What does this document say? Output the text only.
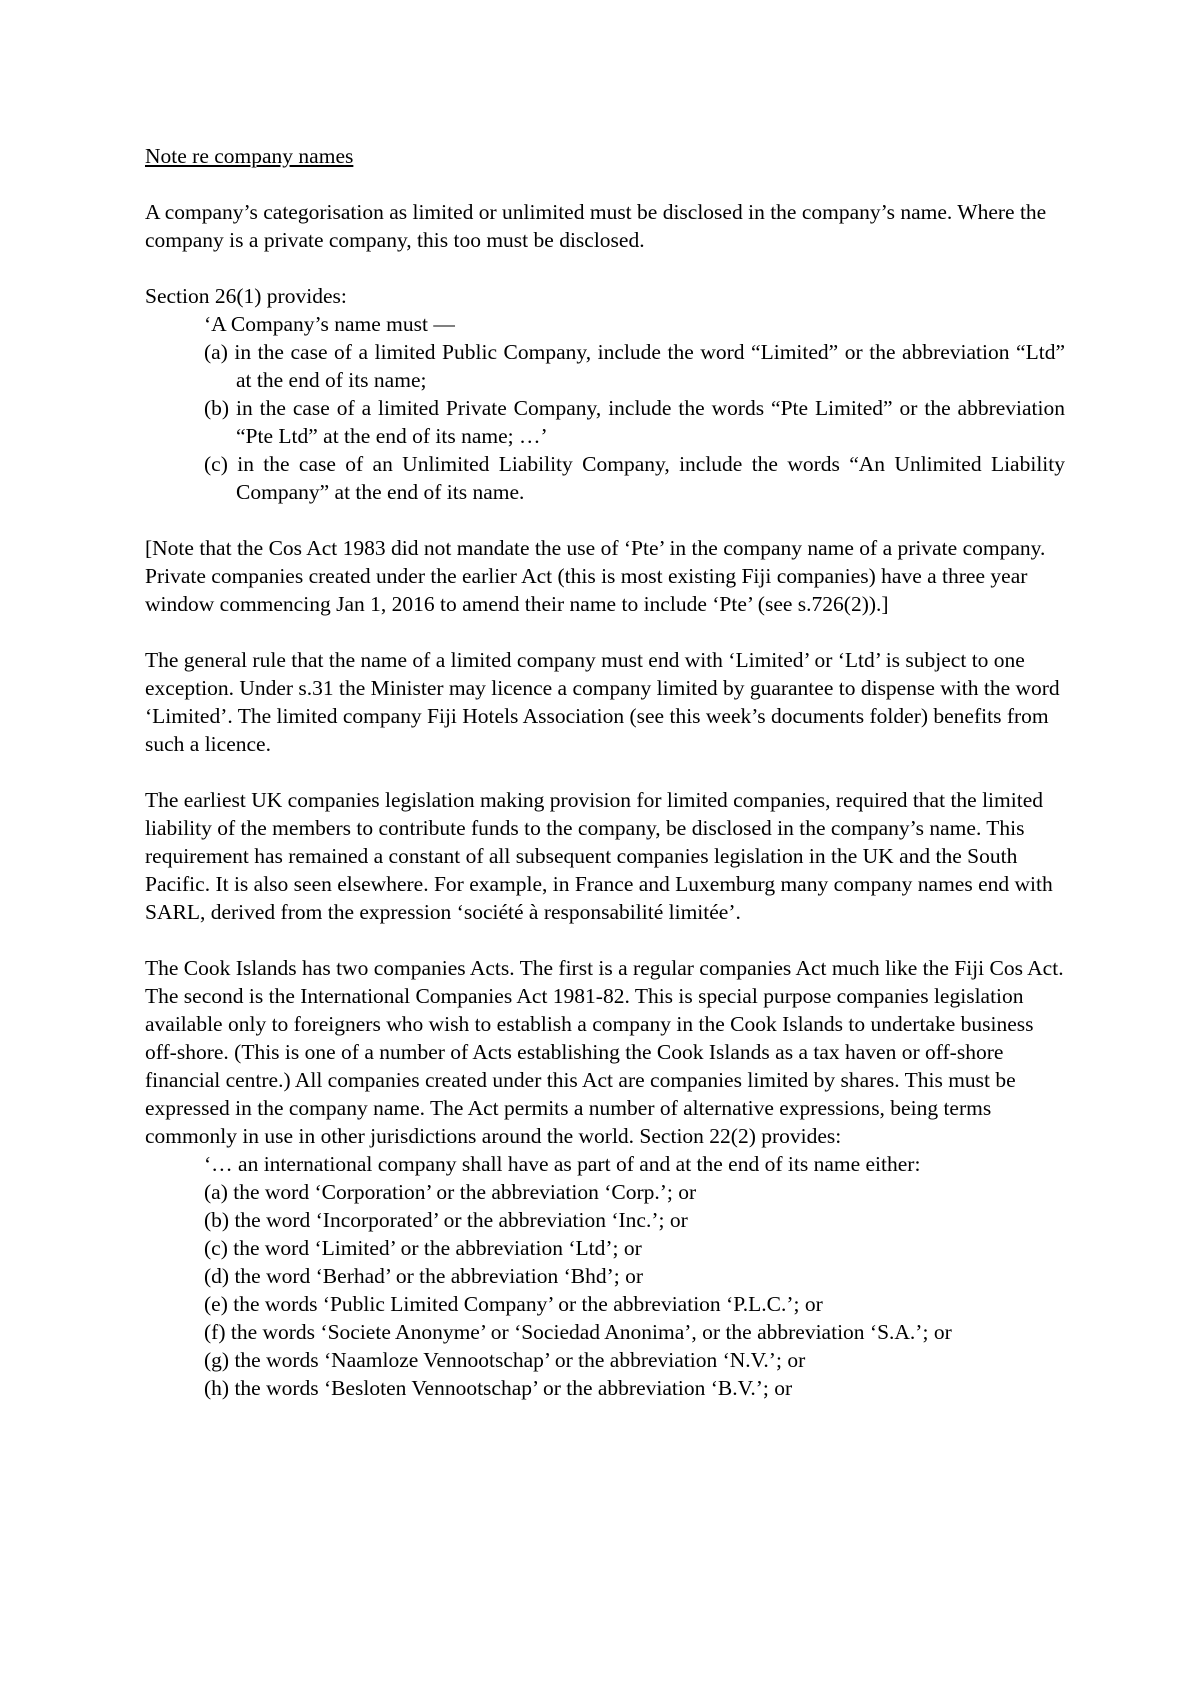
Note re company names

A company’s categorisation as limited or unlimited must be disclosed in the company’s name. Where the company is a private company, this too must be disclosed.

Section 26(1) provides:
‘A Company’s name must —
(a) in the case of a limited Public Company, include the word “Limited” or the abbreviation “Ltd” at the end of its name;
(b) in the case of a limited Private Company, include the words “Pte Limited” or the abbreviation “Pte Ltd” at the end of its name; …’
(c) in the case of an Unlimited Liability Company, include the words “An Unlimited Liability Company” at the end of its name.

[Note that the Cos Act 1983 did not mandate the use of ‘Pte’ in the company name of a private company. Private companies created under the earlier Act (this is most existing Fiji companies) have a three year window commencing Jan 1, 2016 to amend their name to include ‘Pte’ (see s.726(2)).]

The general rule that the name of a limited company must end with ‘Limited’ or ‘Ltd’ is subject to one exception. Under s.31 the Minister may licence a company limited by guarantee to dispense with the word ‘Limited’. The limited company Fiji Hotels Association (see this week’s documents folder) benefits from such a licence.

The earliest UK companies legislation making provision for limited companies, required that the limited liability of the members to contribute funds to the company, be disclosed in the company’s name. This requirement has remained a constant of all subsequent companies legislation in the UK and the South Pacific. It is also seen elsewhere. For example, in France and Luxemburg many company names end with SARL, derived from the expression ‘société à responsabilité limitée’.

The Cook Islands has two companies Acts. The first is a regular companies Act much like the Fiji Cos Act. The second is the International Companies Act 1981-82. This is special purpose companies legislation available only to foreigners who wish to establish a company in the Cook Islands to undertake business off-shore. (This is one of a number of Acts establishing the Cook Islands as a tax haven or off-shore financial centre.) All companies created under this Act are companies limited by shares. This must be expressed in the company name. The Act permits a number of alternative expressions, being terms commonly in use in other jurisdictions around the world. Section 22(2) provides:
‘… an international company shall have as part of and at the end of its name either:
(a) the word ‘Corporation’ or the abbreviation ‘Corp.’; or
(b) the word ‘Incorporated’ or the abbreviation ‘Inc.’; or
(c) the word ‘Limited’ or the abbreviation ‘Ltd’; or
(d) the word ‘Berhad’ or the abbreviation ‘Bhd’; or
(e) the words ‘Public Limited Company’ or the abbreviation ‘P.L.C.’; or
(f) the words ‘Societe Anonyme’ or ‘Sociedad Anonima’, or the abbreviation ‘S.A.’; or
(g) the words ‘Naamloze Vennootschap’ or the abbreviation ‘N.V.’; or
(h) the words ‘Besloten Vennootschap’ or the abbreviation ‘B.V.’; or
